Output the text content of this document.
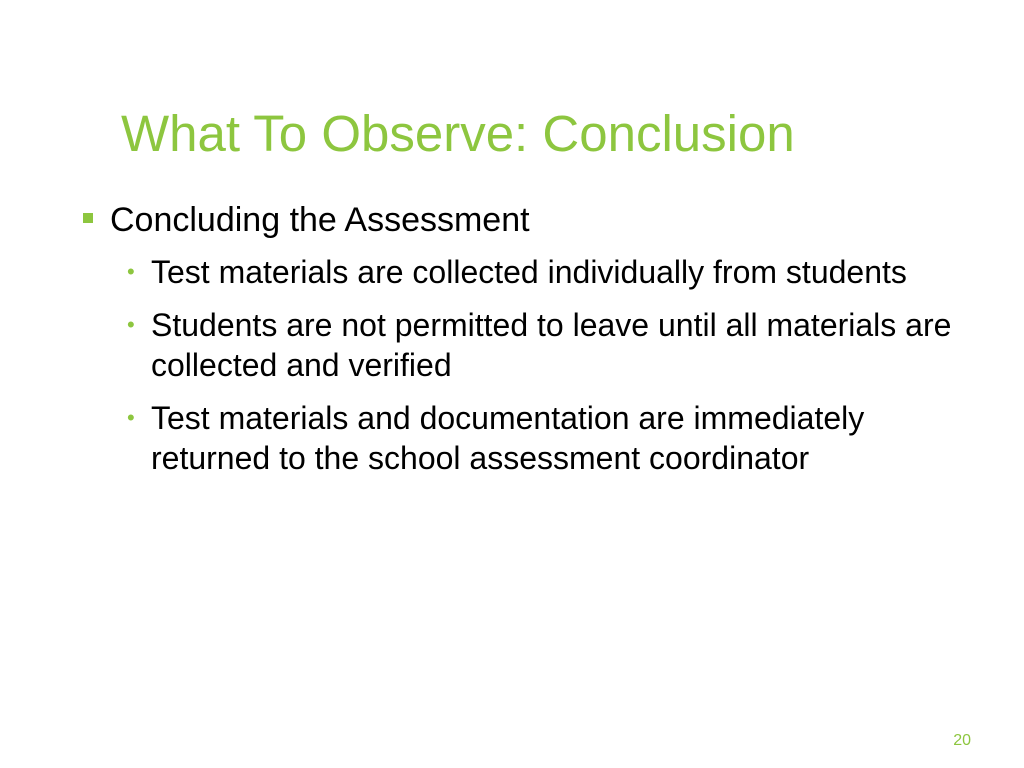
What To Observe: Conclusion
Concluding the Assessment
• Test materials are collected individually from students
• Students are not permitted to leave until all materials are collected and verified
• Test materials and documentation are immediately returned to the school assessment coordinator
20
